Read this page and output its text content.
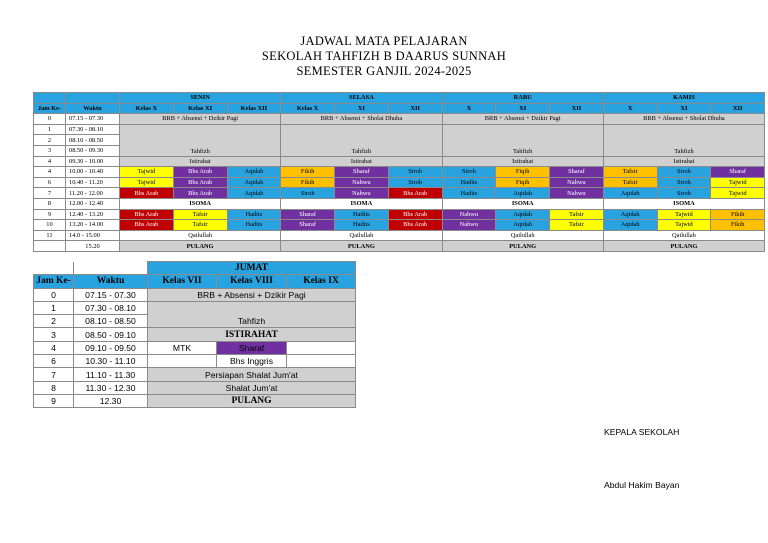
JADWAL MATA PELAJARAN
SEKOLAH TAHFIZH B DAARUS SUNNAH
SEMESTER GANJIL 2024-2025
		SENIN			SELASA			RABU			KAMIS		
Jam Ke-	Waktu	Kelas X	Kelas XI	Kelas XII	Kelas X	XI	XII	X	XI	XII	X	XI	XII
0	07.15 - 07.30	BRB + Absensi + Dzikir Pagi			BRB + Absensi + Sholat Dhuha			BRB + Absensi + Dzikir Pagi			BRB + Absensi + Sholat Dhuha		
1	07.30 - 08.10	Tahfizh			Tahfizh			Tahfizh			Tahfizh		
2	08.10 - 08.50												
3	08.50 - 09.30												
4	09.30 - 10.00	Istirahat			Istirahat			Istirahat			Istirahat		
4	10.00 - 10.40	Tajwid	Bhs Arab	Aqidah	Fikih	Sharaf	Siroh	Siroh	Fiqih	Sharaf	Tafsir	Siroh	Sharaf
6	10.40 - 11.20	Tajwid	Bhs Arab	Aqidah	Fikih	Nahwu	Siroh	Hadits	Fiqih	Nahwu	Tafsir	Siroh	Tajwid
7	11.20 - 12.00	Bhs Arab	Bhs Arab	Aqidah	Siroh	Nahwu	Bhs Arab	Hadits	Aqidah	Nahwu	Aqidah	Siroh	Tajwid
8	12.00 - 12.40	ISOMA			ISOMA			ISOMA			ISOMA		
9	12.40 - 13.20	Bhs Arab	Tafsir	Hadits	Sharaf	Hadits	Bhs Arab	Nahwu	Aqidah	Tafsir	Aqidah	Tajwid	Fikih
10	13.20 - 14.00	Bhs Arab	Tafsir	Hadits	Sharaf	Hadits	Bhs Arab	Nahwu	Aqidah	Tafsir	Aqidah	Tajwid	Fikih
11	14.0 - 15.00	Qailullah			Qailullah			Qailullah			Qailullah		
	15.20	PULANG			PULANG			PULANG			PULANG		
		JUMAT		
Jam Ke-	Waktu	Kelas VII	Kelas VIII	Kelas IX
0	07.15 - 07.30	BRB + Absensi + Dzikir Pagi		
1	07.30 - 08.10	Tahfizh		
2	08.10 - 08.50			
3	08.50 - 09.10	ISTIRAHAT		
4	09.10 - 09.50	MTK	Sharaf	
6	10.30 - 11.10		Bhs Inggris	
7	11.10 - 11.30	Persiapan Shalat Jum'at		
8	11.30 - 12.30	Shalat Jum'at		
9	12.30	PULANG		
KEPALA SEKOLAH
Abdul Hakim Bayan
